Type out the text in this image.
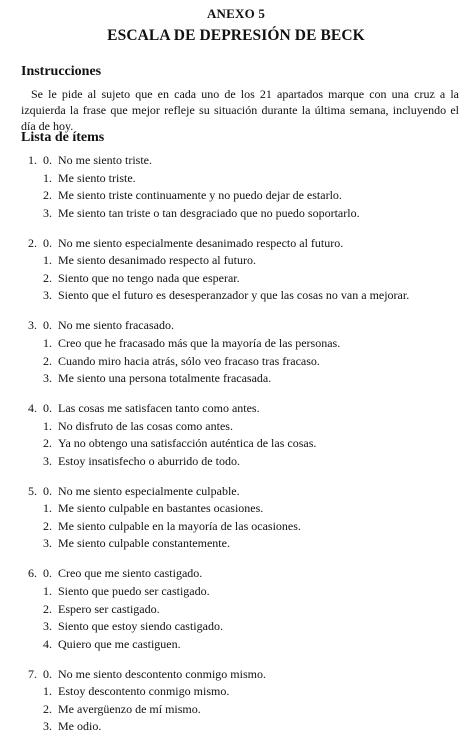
ANEXO 5
ESCALA DE DEPRESIÓN DE BECK
Instrucciones

Se le pide al sujeto que en cada uno de los 21 apartados marque con una cruz a la izquierda la frase que mejor refleje su situación durante la última semana, incluyendo el día de hoy.

Lista de ítems
1. 0. No me siento triste.
1. Me siento triste.
2. Me siento triste continuamente y no puedo dejar de estarlo.
3. Me siento tan triste o tan desgraciado que no puedo soportarlo.
2. 0. No me siento especialmente desanimado respecto al futuro.
1. Me siento desanimado respecto al futuro.
2. Siento que no tengo nada que esperar.
3. Siento que el futuro es desesperanzador y que las cosas no van a mejorar.
3. 0. No me siento fracasado.
1. Creo que he fracasado más que la mayoría de las personas.
2. Cuando miro hacia atrás, sólo veo fracaso tras fracaso.
3. Me siento una persona totalmente fracasada.
4. 0. Las cosas me satisfacen tanto como antes.
1. No disfruto de las cosas como antes.
2. Ya no obtengo una satisfacción auténtica de las cosas.
3. Estoy insatisfecho o aburrido de todo.
5. 0. No me siento especialmente culpable.
1. Me siento culpable en bastantes ocasiones.
2. Me siento culpable en la mayoría de las ocasiones.
3. Me siento culpable constantemente.
6. 0. Creo que me siento castigado.
1. Siento que puedo ser castigado.
2. Espero ser castigado.
3. Siento que estoy siendo castigado.
4. Quiero que me castiguen.
7. 0. No me siento descontento conmigo mismo.
1. Estoy descontento conmigo mismo.
2. Me avergüenzo de mí mismo.
3. Me odio.
